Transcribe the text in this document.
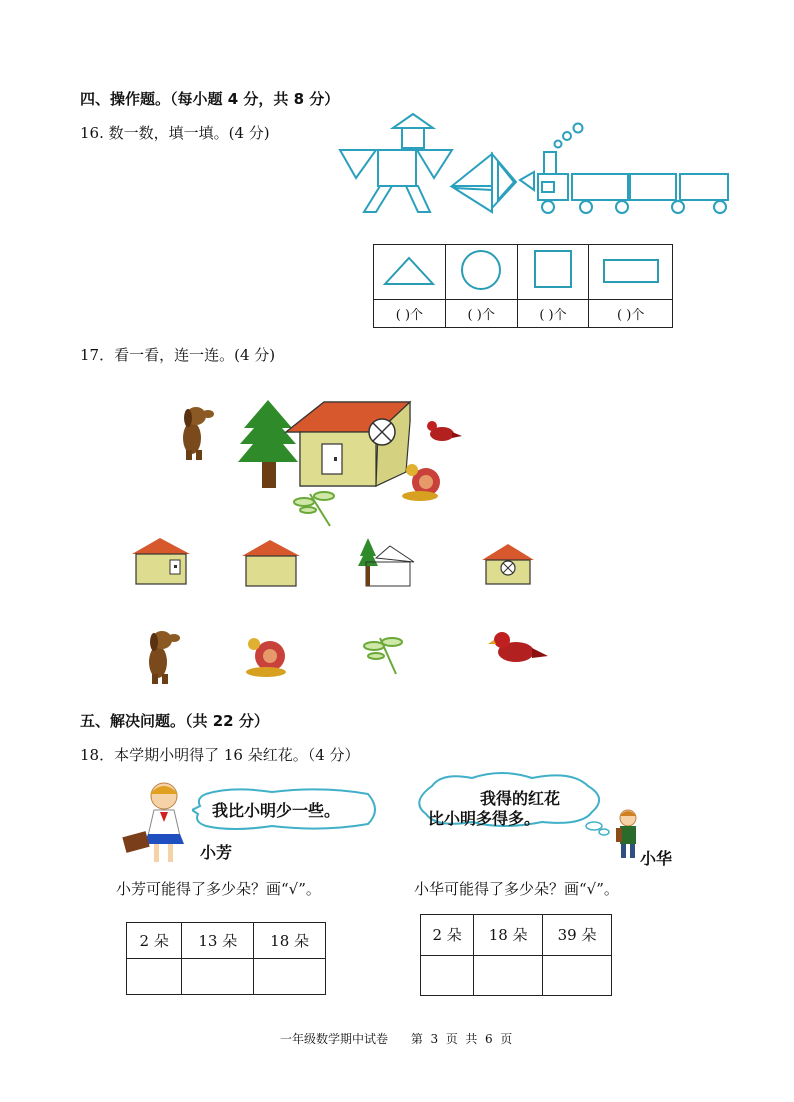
四、操作题。（每小题 4 分，共 8 分）
16. 数一数，填一填。(4 分)

( )个	( )个	( )个	( )个
17．看一看，连一连。(4 分)
五、解决问题。（共 22 分）
18．本学期小明得了 16 朵红花。（4 分）
我比小明少一些。
小芳
我得的红花
比小明多得多。
小华
小芳可能得了多少朵？画“√”。	小华可能得了多少朵？画“√”。
2 朵	13 朵	18 朵
			2 朵	18 朵	39 朵

一年级数学期中试卷      第  3  页  共  6  页
